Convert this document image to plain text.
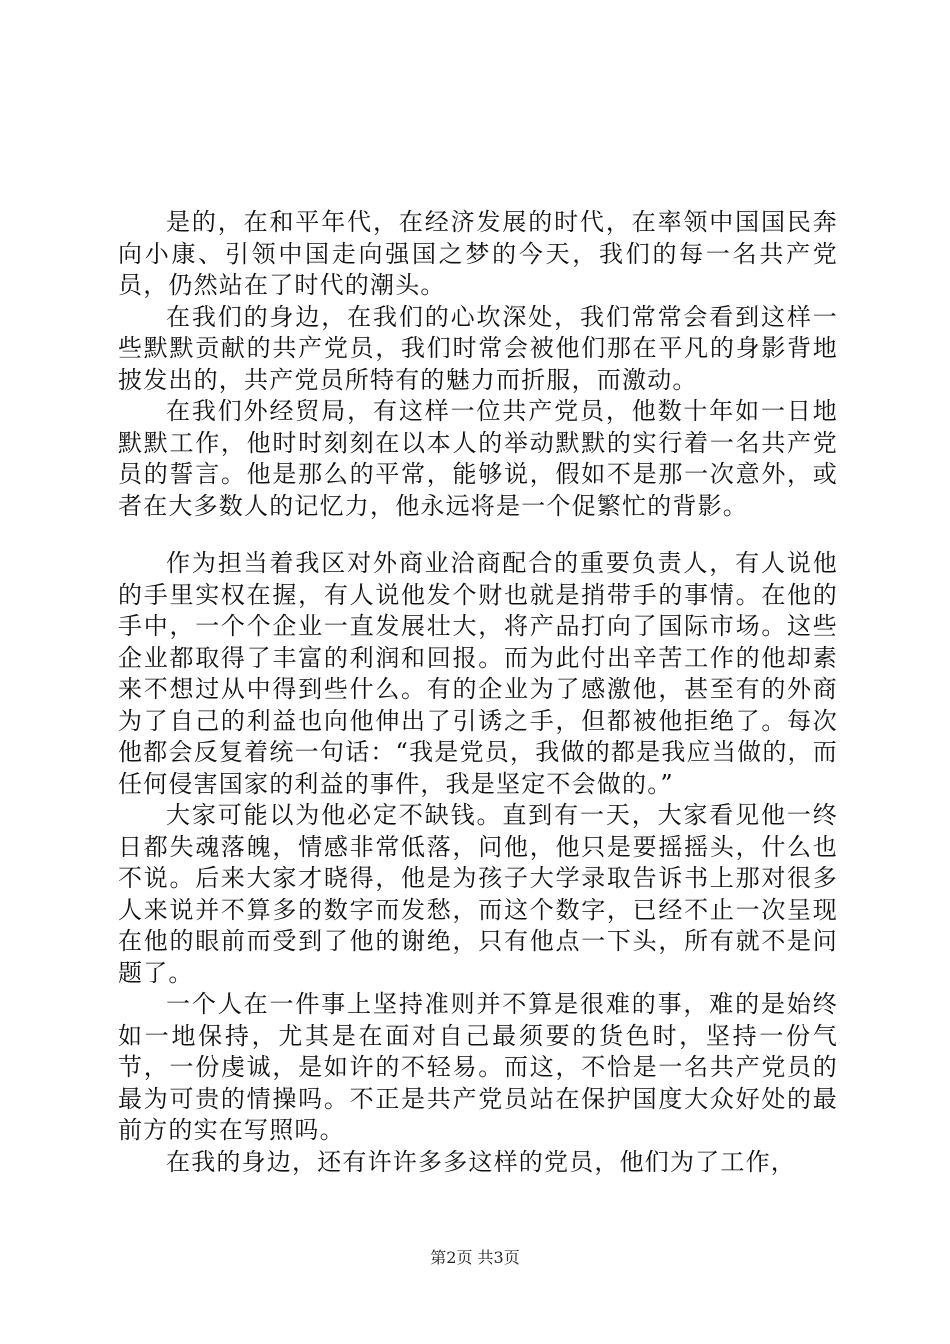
是的，在和平年代，在经济发展的时代，在率领中国国民奔向小康、引领中国走向强国之梦的今天，我们的每一名共产党员，仍然站在了时代的潮头。

在我们的身边，在我们的心坎深处，我们常常会看到这样一些默默贡献的共产党员，我们时常会被他们那在平凡的身影背地披发出的，共产党员所特有的魅力而折服，而激动。

在我们外经贸局，有这样一位共产党员，他数十年如一日地默默工作，他时时刻刻在以本人的举动默默的实行着一名共产党员的誓言。他是那么的平常，能够说，假如不是那一次意外，或者在大多数人的记忆力，他永远将是一个促繁忙的背影。

作为担当着我区对外商业洽商配合的重要负责人，有人说他的手里实权在握，有人说他发个财也就是捎带手的事情。在他的手中，一个个企业一直发展壮大，将产品打向了国际市场。这些企业都取得了丰富的利润和回报。而为此付出辛苦工作的他却素来不想过从中得到些什么。有的企业为了感激他，甚至有的外商为了自己的利益也向他伸出了引诱之手，但都被他拒绝了。每次他都会反复着统一句话：“我是党员，我做的都是我应当做的，而任何侵害国家的利益的事件，我是坚定不会做的。”

大家可能以为他必定不缺钱。直到有一天，大家看见他一终日都失魂落魄，情感非常低落，问他，他只是要摇摇头，什么也不说。后来大家才晓得，他是为孩子大学录取告诉书上那对很多人来说并不算多的数字而发愁，而这个数字，已经不止一次呈现在他的眼前而受到了他的谢绝，只有他点一下头，所有就不是问题了。

一个人在一件事上坚持准则并不算是很难的事，难的是始终如一地保持，尤其是在面对自己最须要的货色时，坚持一份气节，一份虔诚，是如许的不轻易。而这，不恰是一名共产党员的最为可贵的情操吗。不正是共产党员站在保护国度大众好处的最前方的实在写照吗。

在我的身边，还有许许多多这样的党员，他们为了工作，

第2页 共3页
